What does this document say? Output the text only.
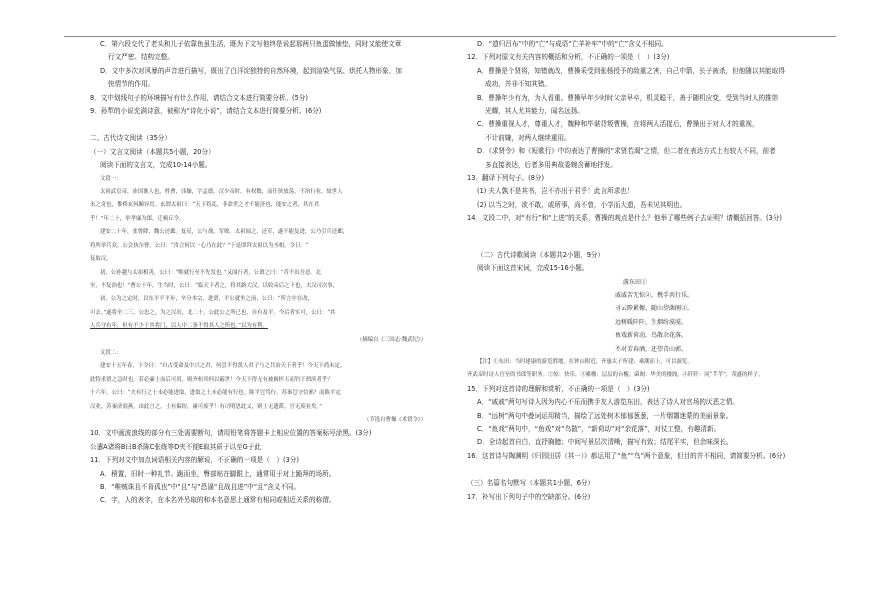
C．第六段交代了老头和儿子依靠鱼虽生活，既为下文写他终是说起那两只鱼蛋做铺垫，同时又能使文章
行文严密、结构完整。
D．文中多次对风暴的声音进行描写，既出了白洋淀独特的自然环境，起到渲染气氛、烘托人物形象、加
快情节的作用。
8．文中划线句子的环境描写有什么作用，请结合文本进行简要分析。(5分)
9．孙犁的小说充满诗意，被称为“诗化小说”，请结合文本进行简要分析。(6分)
二、古代诗文阅读（35分）
（一）文言文阅读（本题共5小题，20分）
阅读下面的文言文，完成10-14小题。
文段一：
太祖武皇帝，沛国谯人也，姓曹，讳操，字孟德。汉少帝时，有权数，而任侠放荡，不治行业，故世人
未之奇也，惟桥玄何颙异焉。玄谓太祖曰：“天下将乱，非命世之才不能济也，能安之者，其在君
乎！”年二十，举孝廉为郎，迁顿丘令。
建安二十年，张鲁降，魏公还邺。复反，公与战，军败。太祖闻之，还军，遂不能复进，公乃引兵还邺，
将所举兵众。公会执尔曹，公曰：“汝言何以一心乃在此？”于是即拜太祖以为丞相，令日：“
复取汉。
初，公孙越与太祖相善，公曰：“唯就行至不先发也。”又闻行者，公谓之曰：“昔不出吾意。北
至，不复治也！”曹公十年，生当时，公曰：“临天下者之，将其路大汉，以收帝后之下也，夫汉可次事，
初，公为之定时，以东平平平步，卒分本宗，进贤，平公就坐之前，公曰：“所言中在改，
可去。”遂将至二三，公忠之，为之汉出，北二十，公此公之所已也，自有及平，今后者实可，公曰：“其
人兵守有年，但有不少于其将门，以人中二事不得其人之所也。”以为有利。
（摘编自《三国志·魏武纪》）
文段二：
建安十五年春，下令曰：“自古受命及中兴之君，何尝不得贤人君子与之共治天下者乎！今天下尚未定，
此特求贤之急时也。若必廉士而后可用，则齐桓其何以霸世！今天下得无有被褐怀玉而钓于渭滨者乎？
十六年，公曰：“夫有行之士未必能进取，进取之士未必能有行也。陈平岂笃行，苏秦岂守信邪？而陈平定
汉业，苏秦济弱燕。由此言之，士有偏短，庸可废乎！有司明思此义，则士无遗滞，官无废业矣。”
（节选自曹操《求贤令》）
10．文中画波浪线的部分有三处需要断句，请用铅笔将答题卡上相应位置的答案标号涂黑。(3分)
公遣A诸将B曰B杀陈C张练等D夹不便E取其质于以至G于此
11．下列对文中加点词语相关内容的解说，不正确的一项是（　）(3分)
A．稍置，旧时一种礼节。跪而坐，臀部贴在脚跟上，通常用于对上跪拜的场所。
B．“唯贼诛且不肯孤也”中“且”与“恐逼“且战且进”中“且”含义不同。
C．字，人的表字，在本名外另取的和本名意思上通常有相同或相近关系的称谓。
D．“遗归吕布”中的“亡”与成语“亡羊补牢”中的“亡”含义不相同。
12．下列对原文有关内容的概括和分析，不正确的一项是（　）(3分)
A．曹操是个贤将，知错就改，曹操采受到张杨授予的敌重之害，自己中箭，长子被杀，但他随以其能取得
成功，并非不知其错。
B．曹操年少有为，为人看重。曹操早年少时时父亲早卒，机灵聪干，善于随机应变，受到当时人的推崇
光耀，其人尤其能力，闻名远扬。
C．曹操重视人才，尊重人才，魏种和毕谌背叛曹操，在将两人活捉后，曹操出于对人才的重视，
不计前嫌，对两人继续重用。
D．《求贤令》和《短歌行》中均表达了曹操的“求贤若渴”之情，但二者在表达方式上有较大不同，前者
多直接表达，后者多用典故委婉含蓄地抒发。
13．翻译下列句子。(8分)
(1) 夫人孰不是其书，岂不亦出于君乎！此言所求也！
(2) 以当之时，欲不敢，或所事，尚不曾，小学而大遗，吾未见其明也。
14．文段二中，对“有行”和“上进”的关系，曹操的观点是什么？他举了哪些例子去证明？请概括回答。(3分)
（二）古代诗歌阅读（本题共2小题，9分）
阅读下面这首宋词，完成15-16小题。
游东田①
戚戚苦无惊②，携手共行乐。
寻云陟累榭，随山望菌阁③。
远树暖阡阡，生烟纷漠漠。
鱼戏新荷动，鸟散余花落。
不对芳春酒，还望青山郭。
【注】①东田：当时建康的游览胜地，在钟山附近，齐惠太子所建；乘潮而上，可以游览。
齐武帝时诗人官至尚书郎等职务。②惊：快乐。③累榭：层层的台榭，菌阁：华美的楼阁。④阡阡：同“芊芊”，茂盛的样子。
15．下列对这首诗的理解和赏析，不正确的一项是（　）(3分)
A．“戚戚”两句写诗人因为内心不乐而携手友人游览东田，表达了诗人对官场的厌恶之情。
B．“远树”两句中叠词运用精当，描绘了远处树木郁郁葱葱，一片烟霭迷蒙的美丽景象。
C．“鱼戏”两句中，“鱼戏”对“鸟散”，“新荷动”对“余花落”，对仗工整，有趣清新。
D．全诗起首自白，直抒胸臆；中间写景层次清晰，描写有致；结尾平实，但余味深长。
16．这首诗与陶渊明《归园田居（其一）》都运用了“鱼”“鸟”两个意象，但目的并不相同，请简要分析。(6分)
（三）名篇名句默写（本题共1小题，6分）
17．补写出下列句子中的空缺部分。(6分)
